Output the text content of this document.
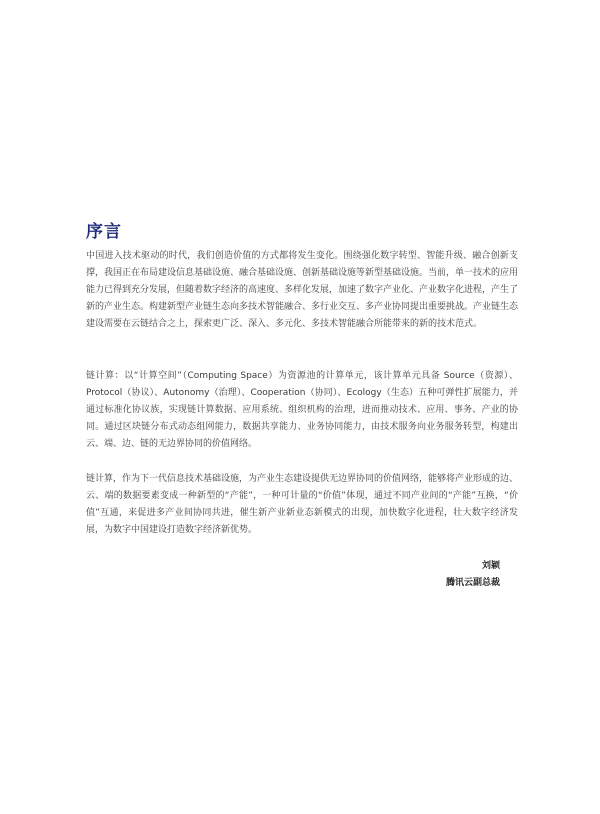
序言

中国进入技术驱动的时代，我们创造价值的方式都将发生变化。围绕强化数字转型、智能升级、融合创新支撑，我国正在布局建设信息基础设施、融合基础设施、创新基础设施等新型基础设施。当前，单一技术的应用能力已得到充分发展，但随着数字经济的高速度、多样化发展，加速了数字产业化、产业数字化进程，产生了新的产业生态。构建新型产业链生态向多技术智能融合、多行业交互、多产业协同提出重要挑战。产业链生态建设需要在云链结合之上，探索更广泛、深入、多元化、多技术智能融合所能带来的新的技术范式。

链计算：以“计算空间”（Computing Space）为资源池的计算单元，该计算单元具备 Source（资源）、Protocol（协议）、Autonomy（治理）、Cooperation（协同）、Ecology（生态）五种可弹性扩展能力，并通过标准化协议族，实现链计算数据、应用系统、组织机构的治理，进而推动技术、应用、事务、产业的协同。通过区块链分布式动态组网能力，数据共享能力、业务协同能力，由技术服务向业务服务转型，构建出云、端、边、链的无边界协同的价值网络。

链计算，作为下一代信息技术基础设施，为产业生态建设提供无边界协同的价值网络，能够将产业形成的边、云、端的数据要素变成一种新型的“产能”，一种可计量的“价值”体现，通过不同产业间的“产能”互换，“价值”互通，来促进多产业间协同共进，催生新产业新业态新模式的出现，加快数字化进程，壮大数字经济发展，为数字中国建设打造数字经济新优势。

刘颖
腾讯云副总裁
